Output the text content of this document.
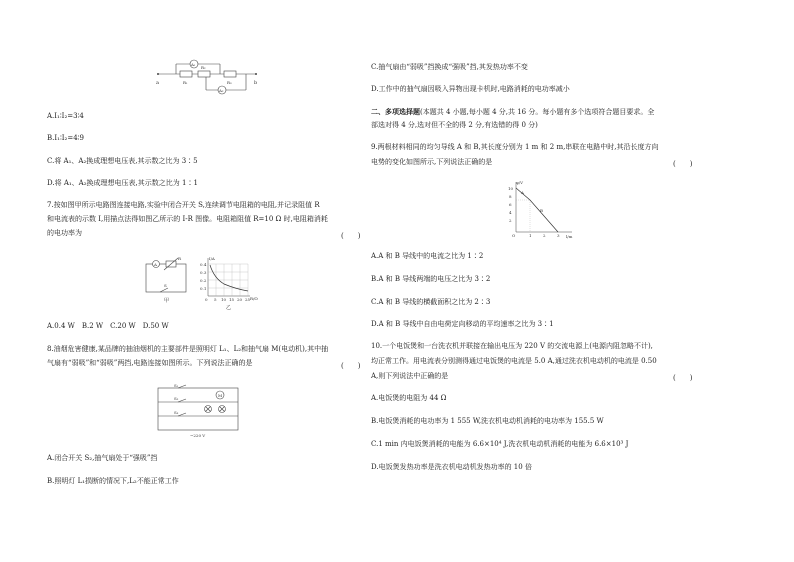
a	b
A₁
A₂
R₁
R₂
R₃
A.I₁∶I₂=3∶4
B.I₁∶I₂=4∶9
C.将 A₁、A₂换成理想电压表,其示数之比为 3∶5
D.将 A₁、A₂换成理想电压表,其示数之比为 1∶1
7.按如图甲所示电路图连接电路,实验中闭合开关 S,连续调节电阻箱的电阻,并记录阻值 R
和电流表的示数 I,用描点法得如图乙所示的 I-R 图像。电阻箱阻值 R=10 Ω 时,电阻箱消耗
的电功率为	(　　)
A
R
S
甲
I/A
R/Ω
0.4
0.3
0.2
0.1
0 5 10 15 20 25
乙
A.0.4 W　B.2 W　C.20 W　D.50 W
8.油烟危害健康,某品牌的抽油烟机的主要部件是照明灯 L₁、L₂和抽气扇 M(电动机),其中抽
气扇有“弱吸”和“弱吸”两挡,电路连接如图所示。下列说法正确的是	(　　)
S₁
S₂
S₃
M
~220 V
A.闭合开关 S₂,抽气扇处于“强吸”挡
B.照明灯 L₁损断的情况下,L₂不能正常工作
C.抽气扇由“弱吸”挡换成“强吸”挡,其发热功率不变
D.工作中的抽气扇因吸入异物出现卡机时,电路消耗的电功率减小
二、多项选择题(本题共 4 小题,每小题 4 分,共 16 分。每小题有多个选项符合题目要求。全
部选对得 4 分,选对但不全的得 2 分,有选错的得 0 分)
9.两根材料相同的均匀导线 A 和 B,其长度分别为 1 m 和 2 m,串联在电路中时,其沿长度方向
电势的变化如图所示,下列说法正确的是	(　　)
φ/V
l/m
10
8
6
4
2
O	1	2	3
A
B
A.A 和 B 导线中的电流之比为 1∶2
B.A 和 B 导线两端的电压之比为 3∶2
C.A 和 B 导线的横截面积之比为 2∶3
D.A 和 B 导线中自由电荷定向移动的平均速率之比为 3∶1
10.一个电饭煲和一台洗衣机并联接在输出电压为 220 V 的交流电源上(电源内阻忽略不计),
均正常工作。用电流表分别测得通过电饭煲的电流是 5.0 A,通过洗衣机电动机的电流是 0.50
A,则下列说法中正确的是	(　　)
A.电饭煲的电阻为 44 Ω
B.电饭煲消耗的电功率为 1 555 W,洗衣机电动机消耗的电功率为 155.5 W
C.1 min 内电饭煲消耗的电能为 6.6×10⁴ J,洗衣机电动机消耗的电能为 6.6×10³ J
D.电饭煲发热功率是洗衣机电动机发热功率的 10 倍
